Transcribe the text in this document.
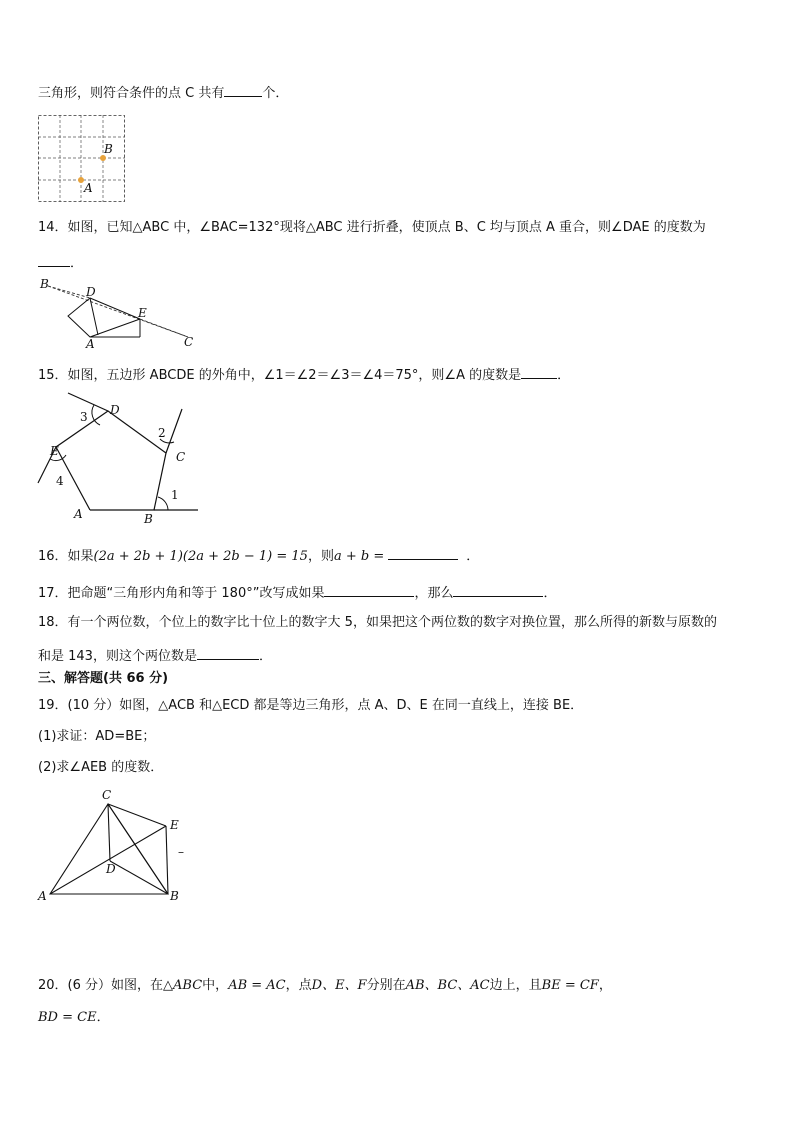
三角形，则符合条件的点 C 共有	个．
B
A
14．如图，已知△ABC 中，∠BAC=132°现将△ABC 进行折叠，使顶点 B、C 均与顶点 A 重合，则∠DAE 的度数为
．
B
D
E
A	C
15．如图，五边形 ABCDE 的外角中，∠1＝∠2＝∠3＝∠4＝75°，则∠A 的度数是	．
1
2
3
4
A	B
C
D
E
16．如果(2a + 2b + 1)(2a + 2b − 1) = 15，则a + b =	．
17．把命题“三角形内角和等于 180°”改写成如果	，那么	．
18．有一个两位数，个位上的数字比十位上的数字大 5，如果把这个两位数的数字对换位置，那么所得的新数与原数的
和是 143，则这个两位数是	．
三、解答题(共 66 分)
19．(10 分）如图，△ACB 和△ECD 都是等边三角形，点 A、D、E 在同一直线上，连接 BE．
(1)求证：AD=BE；
(2)求∠AEB 的度数．
C
E
D
A	B
–
20．(6 分）如图，在△ABC中，AB = AC，点D、E、F分别在AB、BC、AC边上，且BE = CF，
BD = CE．
